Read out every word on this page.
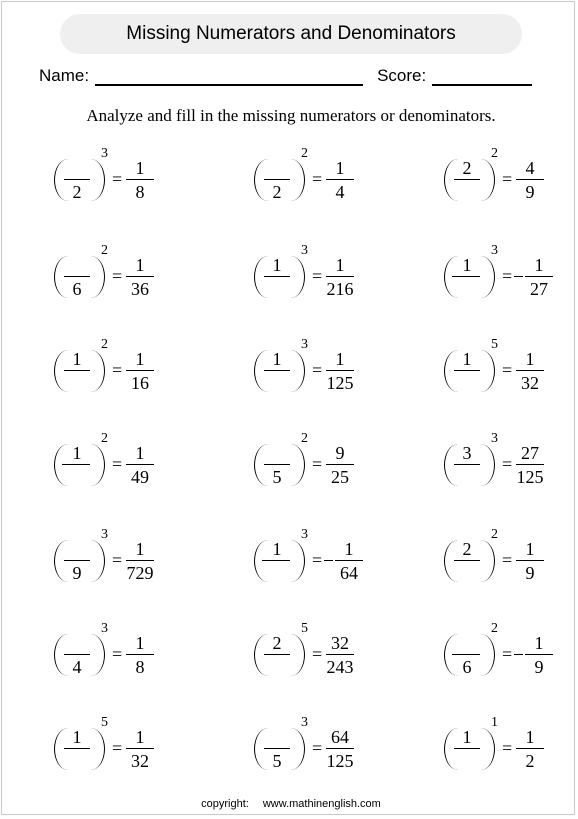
Missing Numerators and Denominators
Name:	Score:
Analyze and fill in the missing numerators or denominators.
2
3
=
1
8	2
2
=
1
4
2
2
=
4
9
6
2
=
1
36
1
3
=
1
216
1
3
=
1
27
1
2
=
1
16
1
3
=
1
125
1
5
=
1
32
1
2
=
1
49	5
2
=
9
25
3
3
=
27
125
9
3
=
1
729
1
3
=
1
64
2
2
=
1
9
4
3
=
1
8
2
5
=
32
243	6
2
=
1
9
1
5
=
1
32	5
3
=
64
125
1
1
=
1
2
copyright: www.mathinenglish.com
